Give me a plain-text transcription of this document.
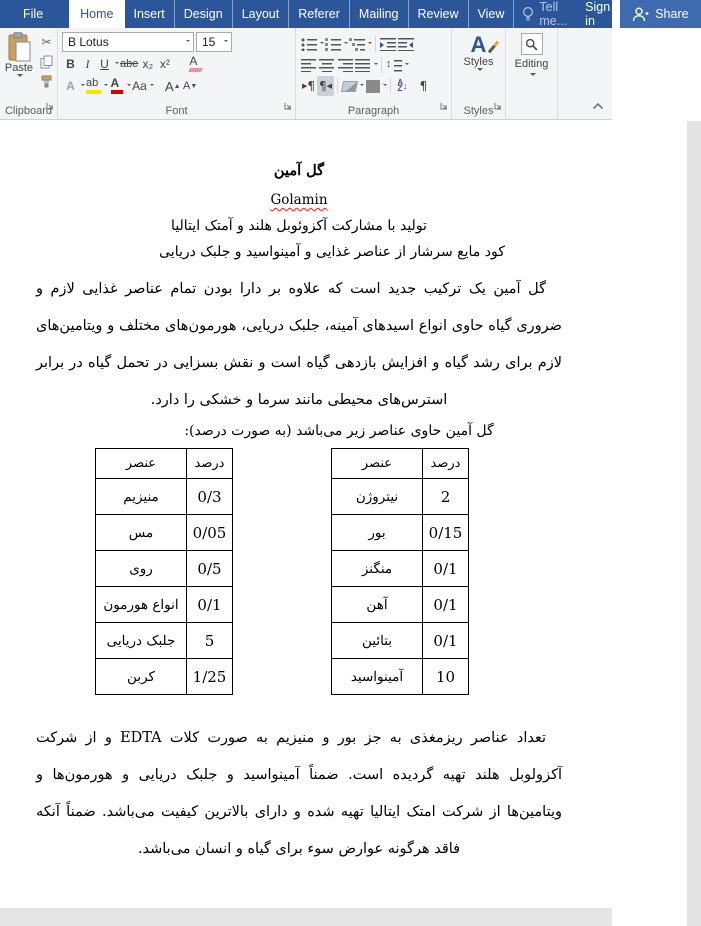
File	Home	Insert	Design	Layout	Referer	Mailing	Review	View	Tell me...
Sign in	Share
Paste
✂
Clipboard
B Lotus	15
B I U	abe x₂ x² A
A	ab A Aa A ▲ A ▼
Font
↕
▶ ¶ ¶ ◀	A
Z ↓	¶
Paragraph
A
Styles
Styles
Editing
گل آمین
Golamin
تولید با مشارکت آکزوئوبل هلند و آمتک ایتالیا
کود مایع سرشار از عناصر غذایی و آمینواسید و جلبک دریایی
گل آمین یک ترکیب جدید است که علاوه بر دارا بودن تمام عناصر غذایی لازم و ضروری گیاه حاوی انواع اسیدهای آمینه، جلبک دریایی، هورمون‌های مختلف و ویتامین‌های لازم برای رشد گیاه و افزایش بازدهی گیاه است و نقش بسزایی در تحمل گیاه در برابر استرس‌های محیطی مانند سرما و خشکی را دارد.
گل آمین حاوی عناصر زیر می‌باشد (به صورت درصد):
درصد	عنصر
2	نیتروژن
0/15	بور
0/1	منگنز
0/1	آهن
0/1	بتائین
10	آمینواسید
درصد	عنصر
0/3	منیزیم
0/05	مس
0/5	روی
0/1	انواع هورمون
5	جلبک دریایی
1/25	کربن
تعداد عناصر ریزمغذی به جز بور و منیزیم به صورت کلات EDTA و از شرکت آکزولوبل هلند تهیه گردیده است. ضمناً آمینواسید و جلبک دریایی و هورمون‌ها و ویتامین‌ها از شرکت امتک ایتالیا تهیه شده و دارای بالاترین کیفیت می‌باشد. ضمناً آنکه فاقد هرگونه عوارض سوء برای گیاه و انسان می‌باشد.
